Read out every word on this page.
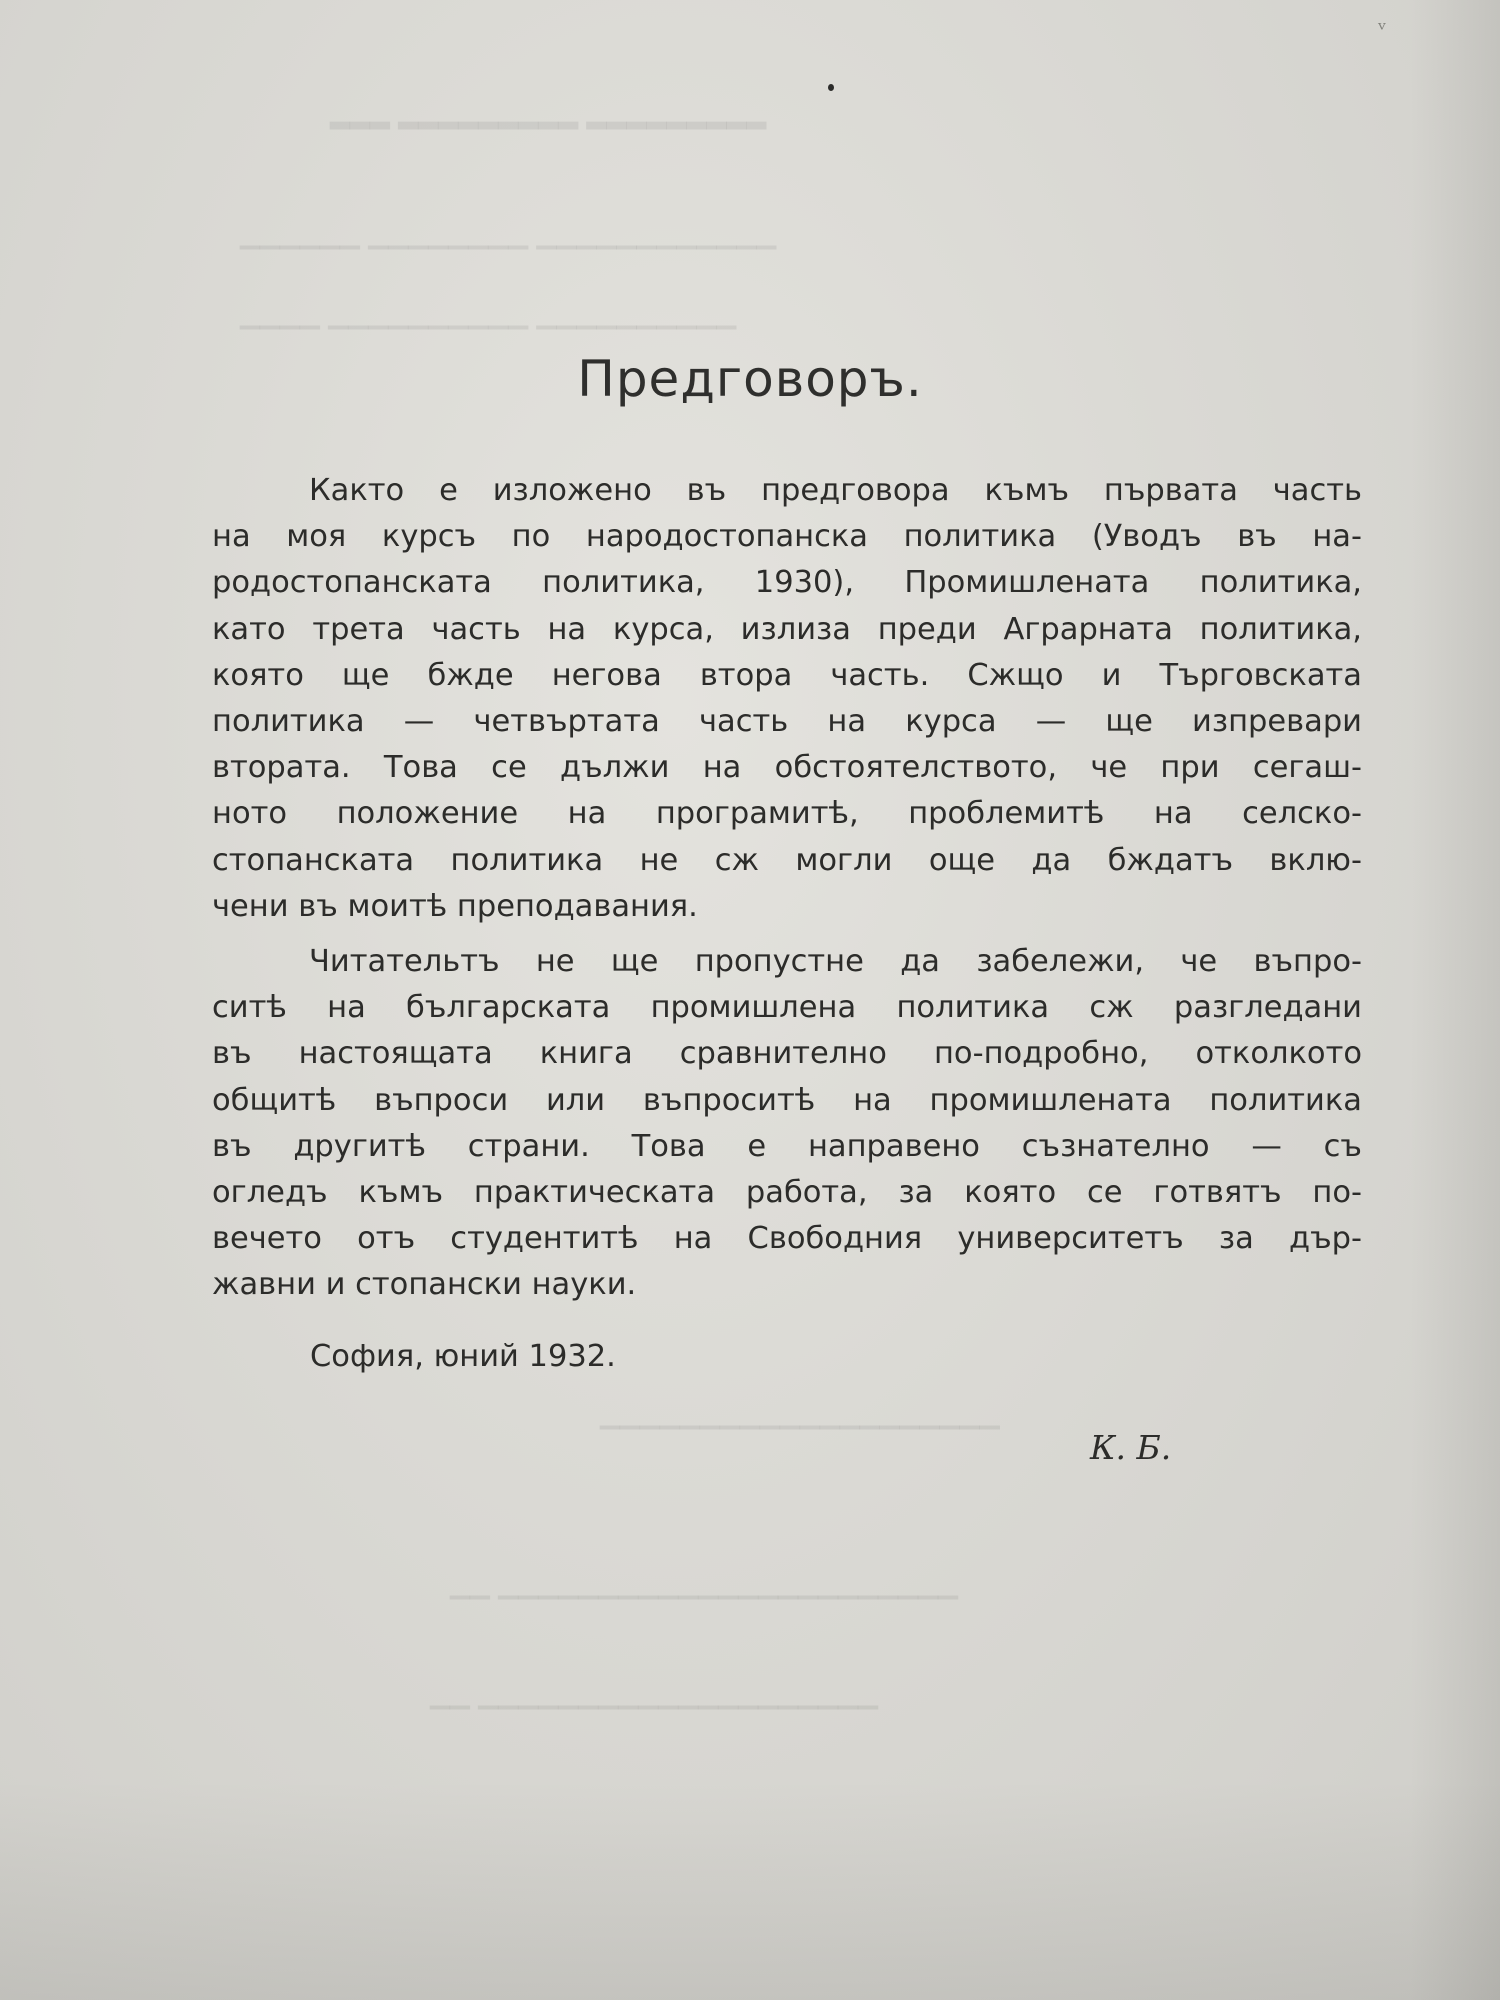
▂▂▂ ▂▂▂▂▂▂▂▂▂ ▂▂▂▂▂▂▂▂▂
▁▁▁▁▁▁ ▁▁▁▁▁▁▁▁ ▁▁▁▁▁▁▁▁▁▁▁▁
▁▁▁▁ ▁▁▁▁▁▁▁▁▁▁ ▁▁▁▁▁▁▁▁▁▁
▁▁▁▁▁▁▁▁▁▁▁▁▁▁▁▁▁▁▁▁
▁▁ ▁▁▁▁▁▁▁▁▁▁▁▁▁▁▁▁▁▁▁▁▁▁▁
▁▁ ▁▁▁▁▁▁▁▁▁▁▁▁▁▁▁▁▁▁▁▁
ᵛ
Предговоръ.
Както е изложено въ предговора къмъ първата часть
на моя курсъ по народостопанска политика (Уводъ въ на-
родостопанската политика, 1930), Промишлената политика,
като трета часть на курса, излиза преди Аграрната политика,
която ще бжде негова втора часть. Сжщо и Търговската
политика — четвъртата часть на курса — ще изпревари
втората. Това се дължи на обстоятелството, че при сегаш-
ното положение на програмитѣ, проблемитѣ на селско-
стопанската политика не сж могли още да бждатъ вклю-
чени въ моитѣ преподавания.
Читательтъ не ще пропустне да забележи, че въпро-
ситѣ на българската промишлена политика сж разгледани
въ настоящата книга сравнително по-подробно, отколкото
общитѣ въпроси или въпроситѣ на промишлената политика
въ другитѣ страни. Това е направено съзнателно — съ
огледъ къмъ практическата работа, за която се готвятъ по-
вечето отъ студентитѣ на Свободния университетъ за дър-
жавни и стопански науки.
София, юний 1932.
К. Б.
